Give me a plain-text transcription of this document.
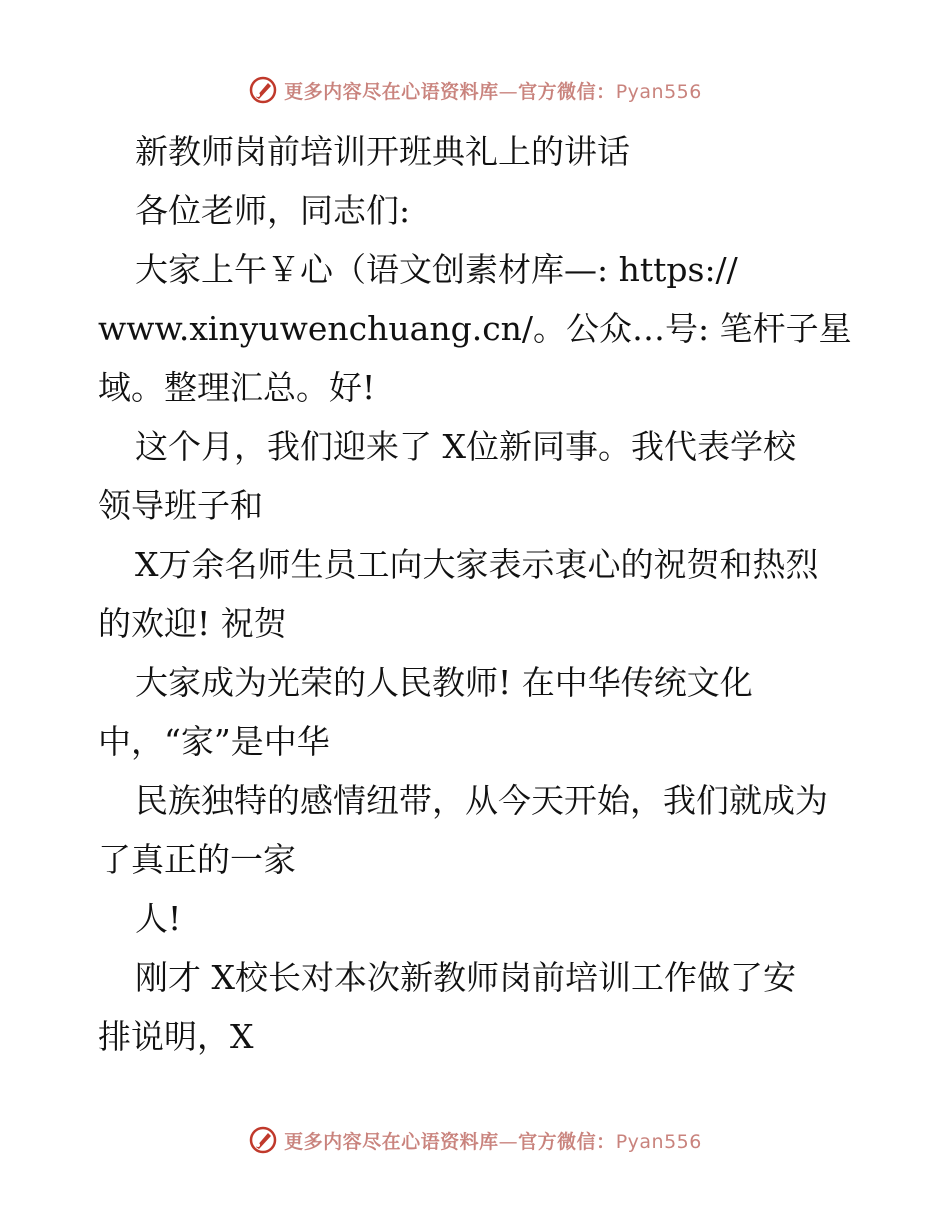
更多内容尽在心语资料库—官方微信：Pyan556
新教师岗前培训开班典礼上的讲话
各位老师，同志们:
大家上午￥心（语文创素材库—: https://
www.xinyuwenchuang.cn/。公众…号: 笔杆子星
域。整理汇总。好!
这个月，我们迎来了 X位新同事。我代表学校
领导班子和
X万余名师生员工向大家表示衷心的祝贺和热烈
的欢迎! 祝贺
大家成为光荣的人民教师! 在中华传统文化
中，“家”是中华
民族独特的感情纽带，从今天开始，我们就成为
了真正的一家
人!
刚才 X校长对本次新教师岗前培训工作做了安
排说明，X
更多内容尽在心语资料库—官方微信：Pyan556
